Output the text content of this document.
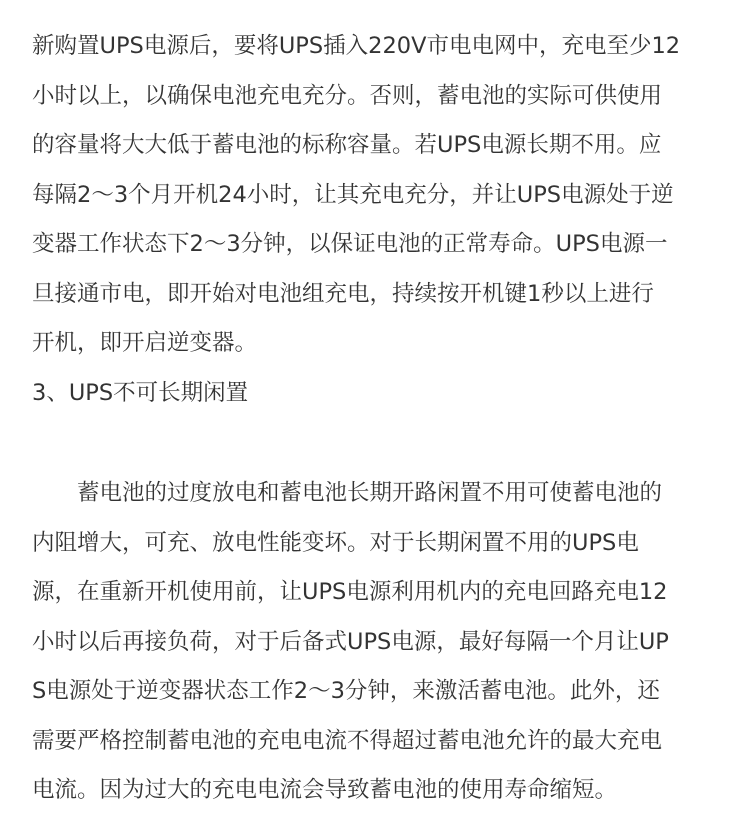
新购置UPS电源后，要将UPS插入220V市电电网中，充电至少12
小时以上，以确保电池充电充分。否则，蓄电池的实际可供使用
的容量将大大低于蓄电池的标称容量。若UPS电源长期不用。应
每隔2～3个月开机24小时，让其充电充分，并让UPS电源处于逆
变器工作状态下2～3分钟，以保证电池的正常寿命。UPS电源一
旦接通市电，即开始对电池组充电，持续按开机键1秒以上进行
开机，即开启逆变器。
3、UPS不可长期闲置
蓄电池的过度放电和蓄电池长期开路闲置不用可使蓄电池的
内阻增大，可充、放电性能变坏。对于长期闲置不用的UPS电
源，在重新开机使用前，让UPS电源利用机内的充电回路充电12
小时以后再接负荷，对于后备式UPS电源，最好每隔一个月让UP
S电源处于逆变器状态工作2～3分钟，来激活蓄电池。此外，还
需要严格控制蓄电池的充电电流不得超过蓄电池允许的最大充电
电流。因为过大的充电电流会导致蓄电池的使用寿命缩短。
